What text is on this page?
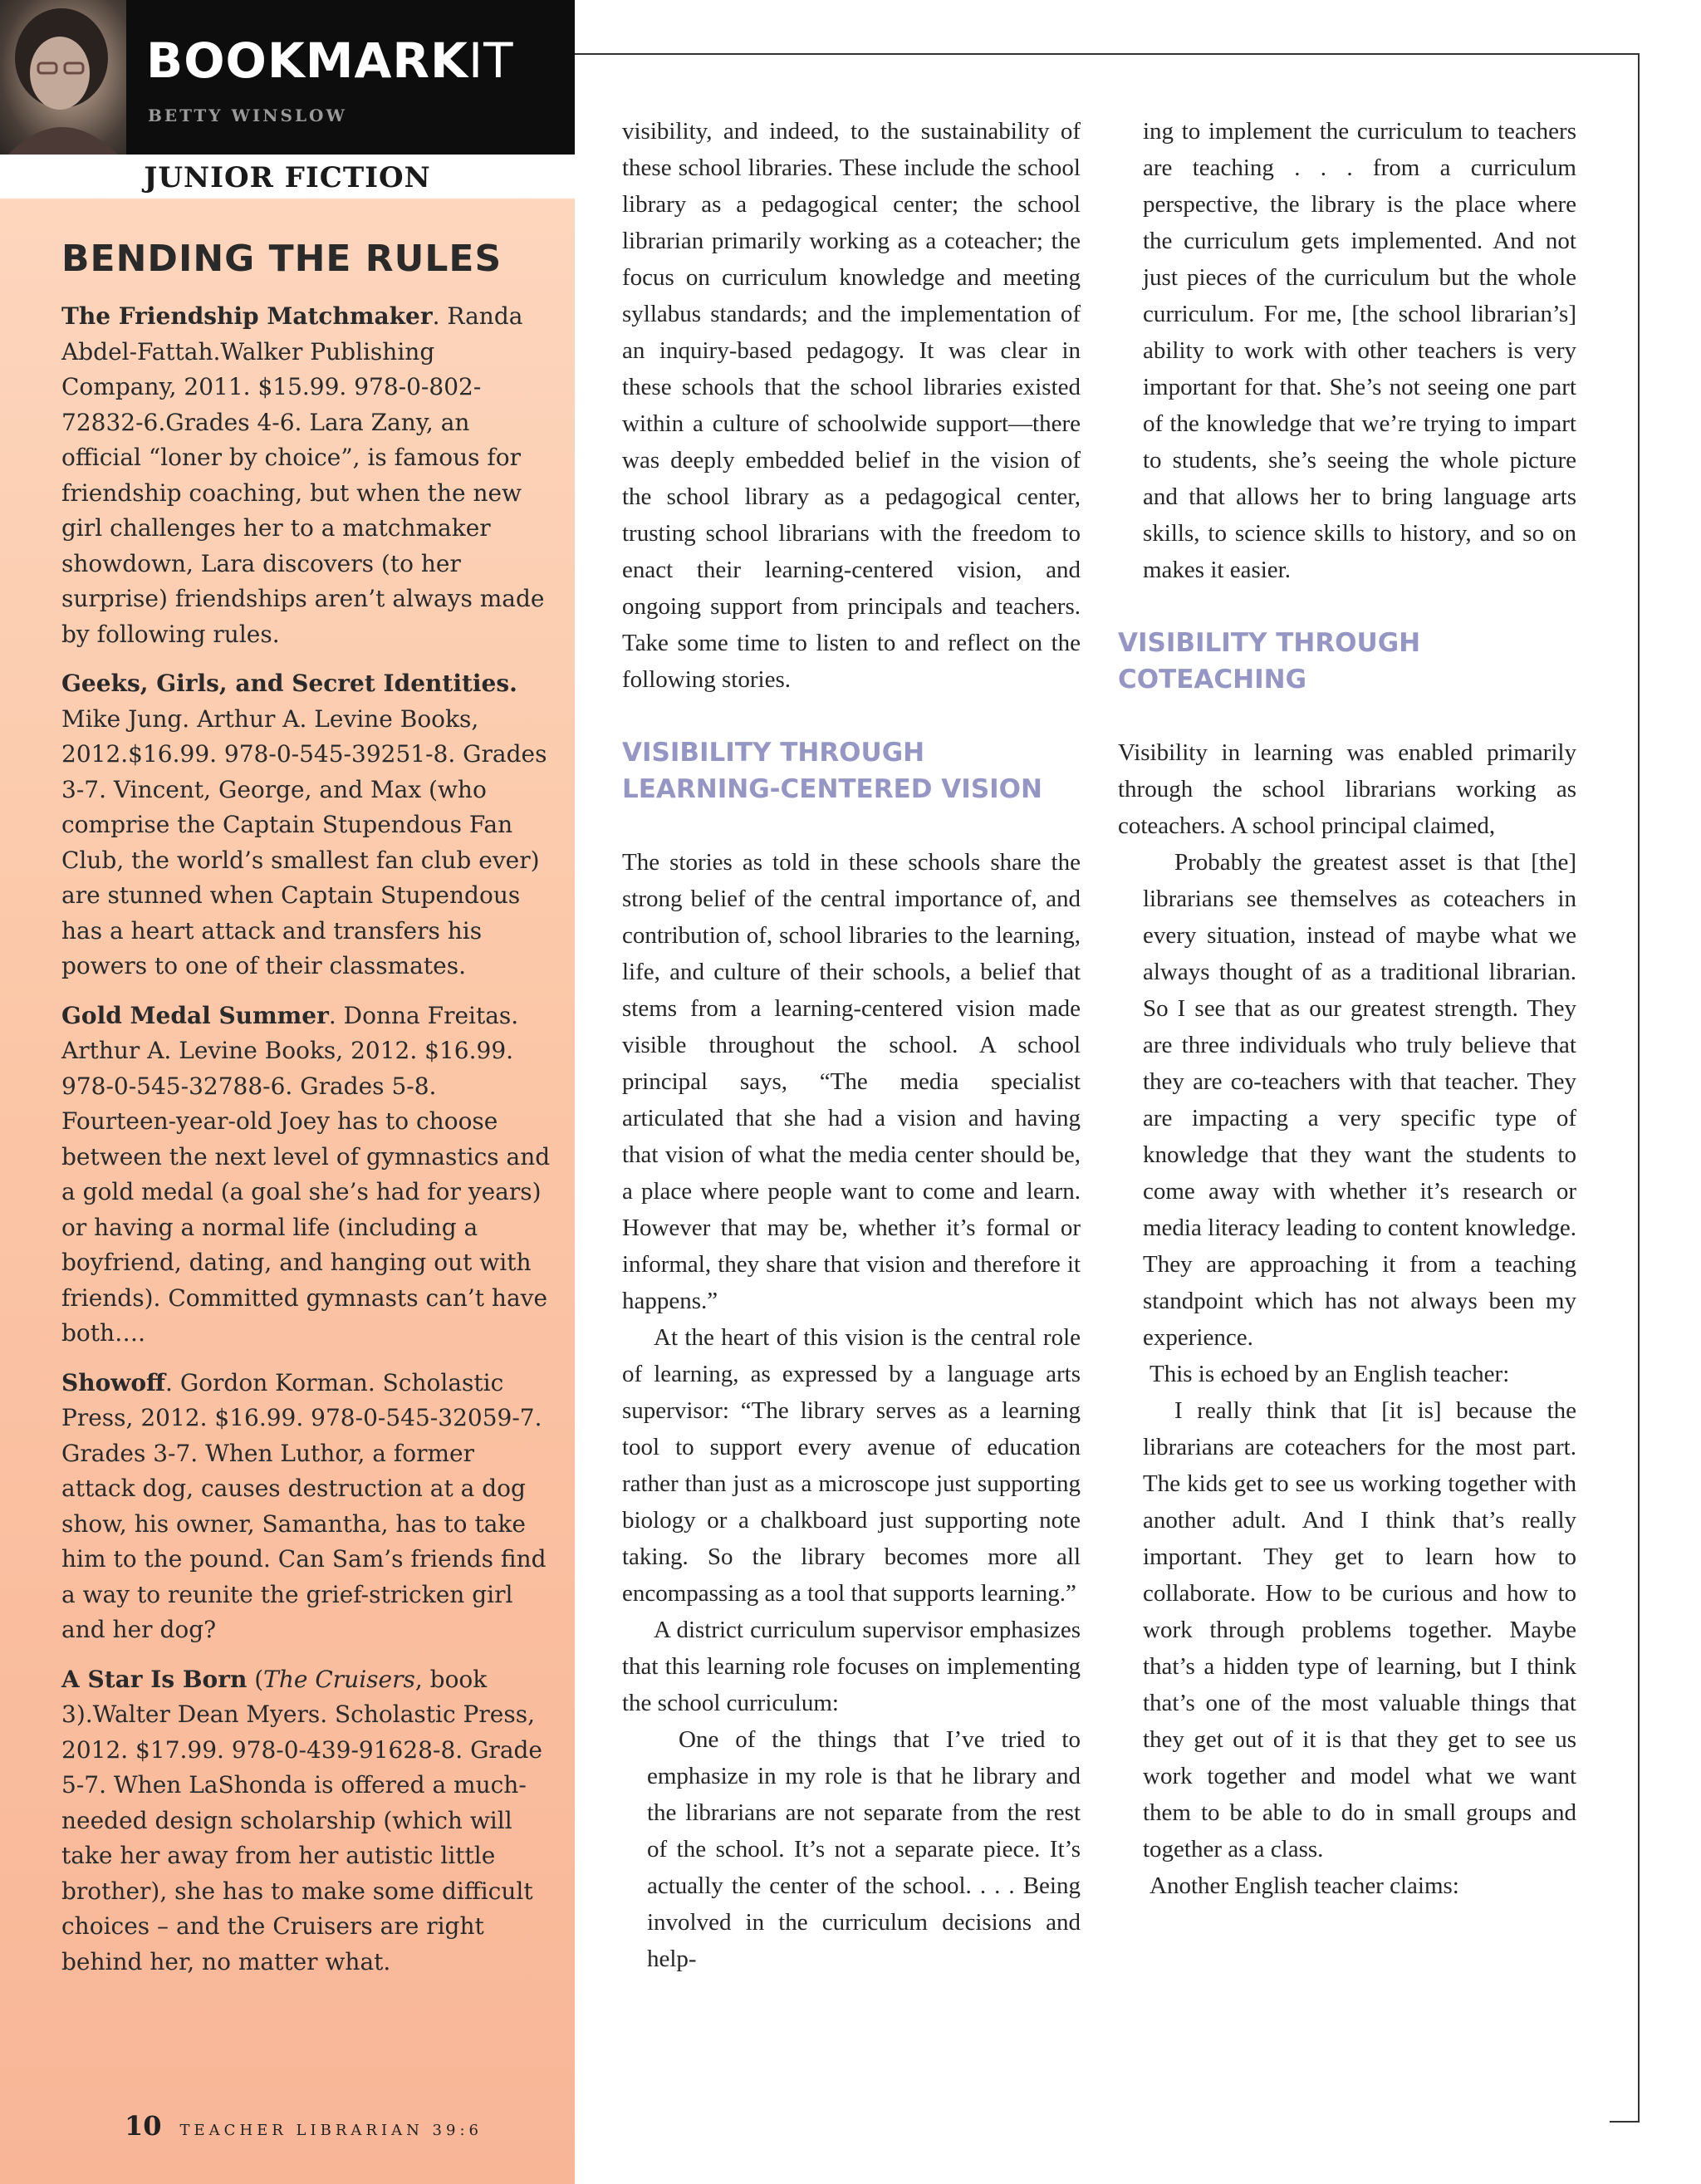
BOOKMARKIT
BETTY WINSLOW
JUNIOR FICTION
BENDING THE RULES

The Friendship Matchmaker. Randa Abdel-Fattah.Walker Publishing Company, 2011. $15.99. 978-0-802-72832-6.Grades 4-6. Lara Zany, an official “loner by choice”, is famous for friendship coaching, but when the new girl challenges her to a matchmaker showdown, Lara discovers (to her surprise) friendships aren’t always made by following rules.

Geeks, Girls, and Secret Identities. Mike Jung. Arthur A. Levine Books, 2012.$16.99. 978-0-545-39251-8. Grades 3-7. Vincent, George, and Max (who comprise the Captain Stupendous Fan Club, the world’s smallest fan club ever) are stunned when Captain Stupendous has a heart attack and transfers his powers to one of their classmates.

Gold Medal Summer. Donna Freitas. Arthur A. Levine Books, 2012. $16.99. 978-0-545-32788-6. Grades 5-8. Fourteen-year-old Joey has to choose between the next level of gymnastics and a gold medal (a goal she’s had for years) or having a normal life (including a boyfriend, dating, and hanging out with friends). Committed gymnasts can’t have both….

Showoff. Gordon Korman. Scholastic Press, 2012. $16.99. 978-0-545-32059-7. Grades 3-7. When Luthor, a former attack dog, causes destruction at a dog show, his owner, Samantha, has to take him to the pound. Can Sam’s friends find a way to reunite the grief-stricken girl and her dog?

A Star Is Born (The Cruisers, book 3).Walter Dean Myers. Scholastic Press, 2012. $17.99. 978-0-439-91628-8. Grade 5-7. When LaShonda is offered a much-needed design scholarship (which will take her away from her autistic little brother), she has to make some difficult choices – and the Cruisers are right behind her, no matter what.

10 TEACHER LIBRARIAN 39:6

visibility, and indeed, to the sustainability of these school libraries. These include the school library as a pedagogical center; the school librarian primarily working as a coteacher; the focus on curriculum knowledge and meeting syllabus standards; and the implementation of an inquiry-based pedagogy. It was clear in these schools that the school libraries existed within a culture of schoolwide support—there was deeply embedded belief in the vision of the school library as a pedagogical center, trusting school librarians with the freedom to enact their learning-centered vision, and ongoing support from principals and teachers. Take some time to listen to and reflect on the following stories.

VISIBILITY THROUGH LEARNING-CENTERED VISION

The stories as told in these schools share the strong belief of the central importance of, and contribution of, school libraries to the learning, life, and culture of their schools, a belief that stems from a learning-centered vision made visible throughout the school. A school principal says, “The media specialist articulated that she had a vision and having that vision of what the media center should be, a place where people want to come and learn. However that may be, whether it’s formal or informal, they share that vision and therefore it happens.”

At the heart of this vision is the central role of learning, as expressed by a language arts supervisor: “The library serves as a learning tool to support every avenue of education rather than just as a microscope just supporting biology or a chalkboard just supporting note taking. So the library becomes more all encompassing as a tool that supports learning.”

A district curriculum supervisor emphasizes that this learning role focuses on implementing the school curriculum:

One of the things that I’ve tried to emphasize in my role is that he library and the librarians are not separate from the rest of the school. It’s not a separate piece. It’s actually the center of the school. . . . Being involved in the curriculum decisions and help-

ing to implement the curriculum to teachers are teaching . . . from a curriculum perspective, the library is the place where the curriculum gets implemented. And not just pieces of the curriculum but the whole curriculum. For me, [the school librarian’s] ability to work with other teachers is very important for that. She’s not seeing one part of the knowledge that we’re trying to impart to students, she’s seeing the whole picture and that allows her to bring language arts skills, to science skills to history, and so on makes it easier.

VISIBILITY THROUGH COTEACHING

Visibility in learning was enabled primarily through the school librarians working as coteachers. A school principal claimed,

Probably the greatest asset is that [the] librarians see themselves as coteachers in every situation, instead of maybe what we always thought of as a traditional librarian. So I see that as our greatest strength. They are three individuals who truly believe that they are co-teachers with that teacher. They are impacting a very specific type of knowledge that they want the students to come away with whether it’s research or media literacy leading to content knowledge. They are approaching it from a teaching standpoint which has not always been my experience.

This is echoed by an English teacher:

I really think that [it is] because the librarians are coteachers for the most part. The kids get to see us working together with another adult. And I think that’s really important. They get to learn how to collaborate. How to be curious and how to work through problems together. Maybe that’s a hidden type of learning, but I think that’s one of the most valuable things that they get out of it is that they get to see us work together and model what we want them to be able to do in small groups and together as a class.

Another English teacher claims:
